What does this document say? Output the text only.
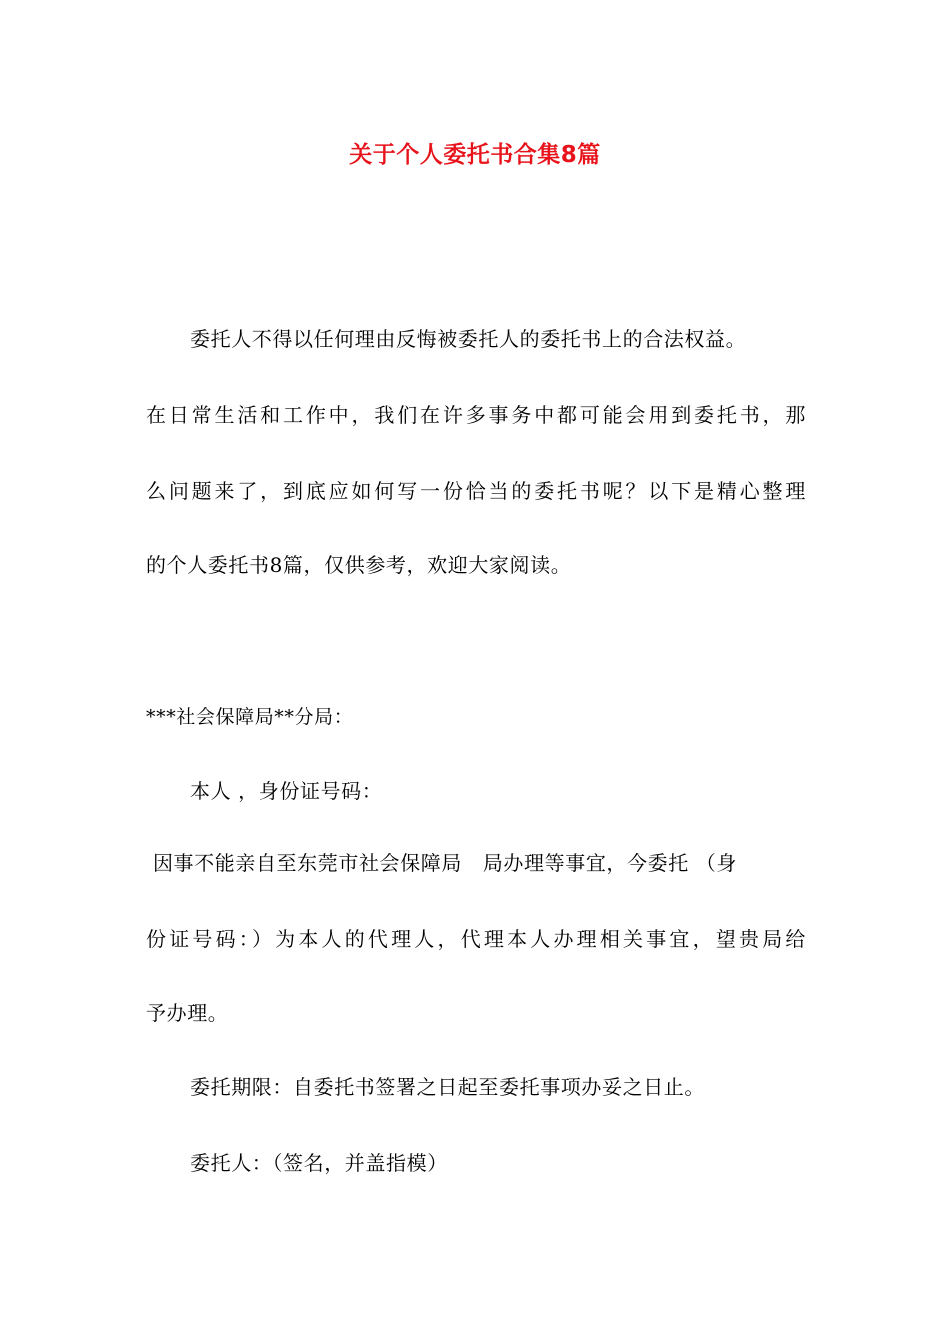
关于个人委托书合集8篇
委托人不得以任何理由反悔被委托人的委托书上的合法权益。
在日常生活和工作中，我们在许多事务中都可能会用到委托书，那
么问题来了，到底应如何写一份恰当的委托书呢？以下是精心整理
的个人委托书8篇，仅供参考，欢迎大家阅读。
***社会保障局**分局：
本人 ，身份证号码：
因事不能亲自至东莞市社会保障局   局办理等事宜，今委托 （身
份证号码：）为本人的代理人，代理本人办理相关事宜，望贵局给
予办理。
委托期限：自委托书签署之日起至委托事项办妥之日止。
委托人：（签名，并盖指模）
